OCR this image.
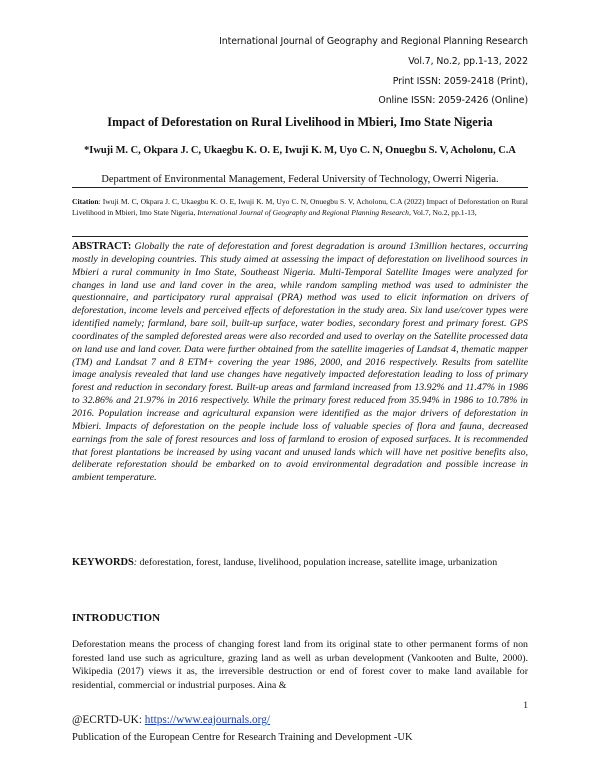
International Journal of Geography and Regional Planning Research
Vol.7, No.2, pp.1-13, 2022
Print ISSN: 2059-2418 (Print),
Online ISSN: 2059-2426 (Online)
Impact of Deforestation on Rural Livelihood in Mbieri, Imo State Nigeria
*Iwuji M. C, Okpara J. C, Ukaegbu K. O. E, Iwuji K. M, Uyo C. N, Onuegbu S. V, Acholonu, C.A
Department of Environmental Management, Federal University of Technology, Owerri Nigeria.
Citation: Iwuji M. C, Okpara J. C, Ukaegbu K. O. E, Iwuji K. M, Uyo C. N, Onuegbu S. V, Acholonu, C.A (2022) Impact of Deforestation on Rural Livelihood in Mbieri, Imo State Nigeria, International Journal of Geography and Regional Planning Research, Vol.7, No.2, pp.1-13,
ABSTRACT: Globally the rate of deforestation and forest degradation is around 13million hectares, occurring mostly in developing countries. This study aimed at assessing the impact of deforestation on livelihood sources in Mbieri a rural community in Imo State, Southeast Nigeria. Multi-Temporal Satellite Images were analyzed for changes in land use and land cover in the area, while random sampling method was used to administer the questionnaire, and participatory rural appraisal (PRA) method was used to elicit information on drivers of deforestation, income levels and perceived effects of deforestation in the study area. Six land use/cover types were identified namely; farmland, bare soil, built-up surface, water bodies, secondary forest and primary forest. GPS coordinates of the sampled deforested areas were also recorded and used to overlay on the Satellite processed data on land use and land cover. Data were further obtained from the satellite imageries of Landsat 4, thematic mapper (TM) and Landsat 7 and 8 ETM+ covering the year 1986, 2000, and 2016 respectively. Results from satellite image analysis revealed that land use changes have negatively impacted deforestation leading to loss of primary forest and reduction in secondary forest. Built-up areas and farmland increased from 13.92% and 11.47% in 1986 to 32.86% and 21.97% in 2016 respectively. While the primary forest reduced from 35.94% in 1986 to 10.78% in 2016. Population increase and agricultural expansion were identified as the major drivers of deforestation in Mbieri. Impacts of deforestation on the people include loss of valuable species of flora and fauna, decreased earnings from the sale of forest resources and loss of farmland to erosion of exposed surfaces. It is recommended that forest plantations be increased by using vacant and unused lands which will have net positive benefits also, deliberate reforestation should be embarked on to avoid environmental degradation and possible increase in ambient temperature.
KEYWORDS: deforestation, forest, landuse, livelihood, population increase, satellite image, urbanization
INTRODUCTION
Deforestation means the process of changing forest land from its original state to other permanent forms of non forested land use such as agriculture, grazing land as well as urban development (Vankooten and Bulte, 2000). Wikipedia (2017) views it as, the irreversible destruction or end of forest cover to make land available for residential, commercial or industrial purposes. Aina &
1
@ECRTD-UK: https://www.eajournals.org/
Publication of the European Centre for Research Training and Development -UK
